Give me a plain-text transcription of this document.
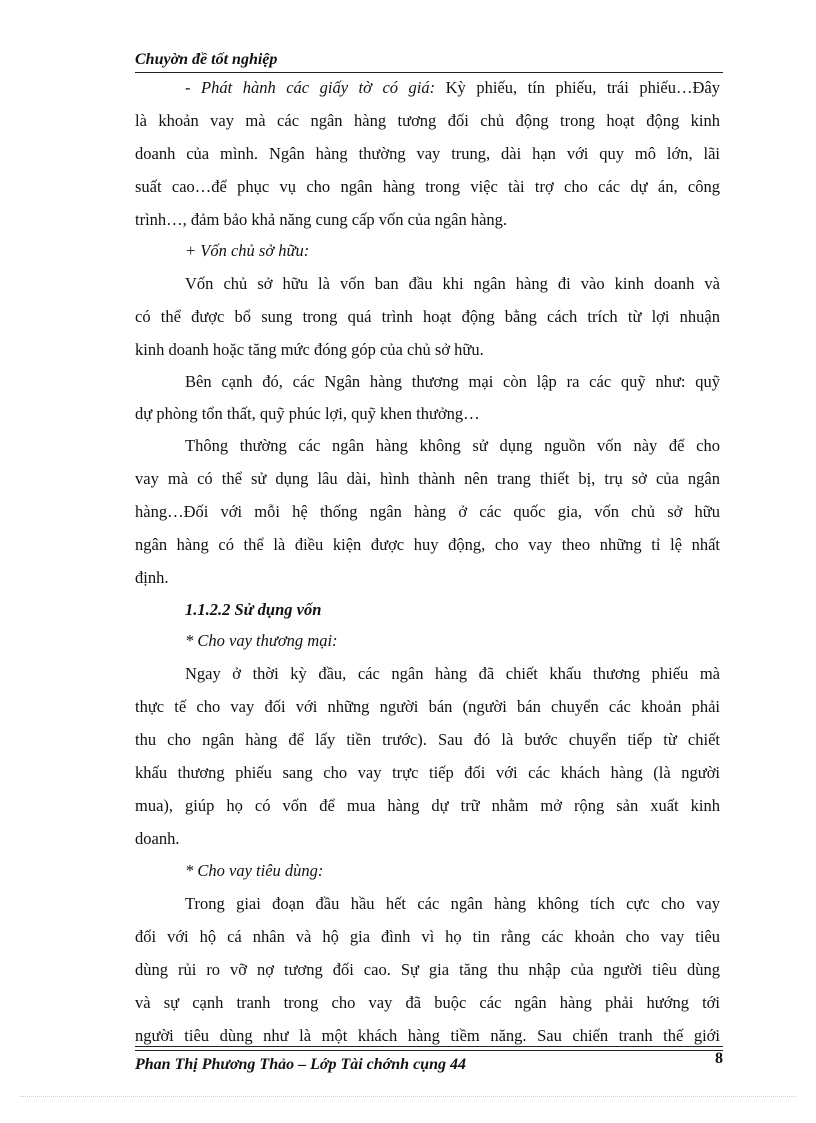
Chuyờn đề tốt nghiệp
- Phát hành các giấy tờ có giá: Kỳ phiếu, tín phiếu, trái phiếu…Đây
là khoản vay mà các ngân hàng tương đối chủ động trong hoạt động kinh
doanh của mình. Ngân hàng thường vay trung, dài hạn với quy mô lớn, lãi
suất cao…để phục vụ cho ngân hàng trong việc tài trợ cho các dự án, công
trình…, đảm bảo khả năng cung cấp vốn của ngân hàng.
+ Vốn chủ sở hữu:
Vốn chủ sở hữu là vốn ban đầu khi ngân hàng đi vào kinh doanh và
có thể được bổ sung trong quá trình hoạt động bằng cách trích từ lợi nhuận
kinh doanh hoặc tăng mức đóng góp của chủ sở hữu.
Bên cạnh đó, các Ngân hàng thương mại còn lập ra các quỹ như: quỹ
dự phòng tổn thất, quỹ phúc lợi, quỹ khen thưởng…
Thông thường các ngân hàng không sử dụng nguồn vốn này để cho
vay mà có thể sử dụng lâu dài, hình thành nên trang thiết bị, trụ sở của ngân
hàng…Đối với mỗi hệ thống ngân hàng ở các quốc gia, vốn chủ sở hữu
ngân hàng có thể là điều kiện được huy động, cho vay theo những tỉ lệ nhất
định.
1.1.2.2 Sử dụng vốn
* Cho vay thương mại:
Ngay ở thời kỳ đầu, các ngân hàng đã chiết khấu thương phiếu mà
thực tế cho vay đối với những người bán (người bán chuyển các khoản phải
thu cho ngân hàng để lấy tiền trước). Sau đó là bước chuyển tiếp từ chiết
khấu thương phiếu sang cho vay trực tiếp đối với các khách hàng (là người
mua), giúp họ có vốn để mua hàng dự trữ nhằm mở rộng sản xuất kinh
doanh.
* Cho vay tiêu dùng:
Trong giai đoạn đầu hầu hết các ngân hàng không tích cực cho vay
đối với hộ cá nhân và hộ gia đình vì họ tin rằng các khoản cho vay tiêu
dùng rủi ro vỡ nợ tương đối cao. Sự gia tăng thu nhập của người tiêu dùng
và sự cạnh tranh trong cho vay đã buộc các ngân hàng phải hướng tới
người tiêu dùng như là một khách hàng tiềm năng. Sau chiến tranh thế giới
Phan Thị Phương Thảo – Lớp Tài chớnh cụng 44	8
